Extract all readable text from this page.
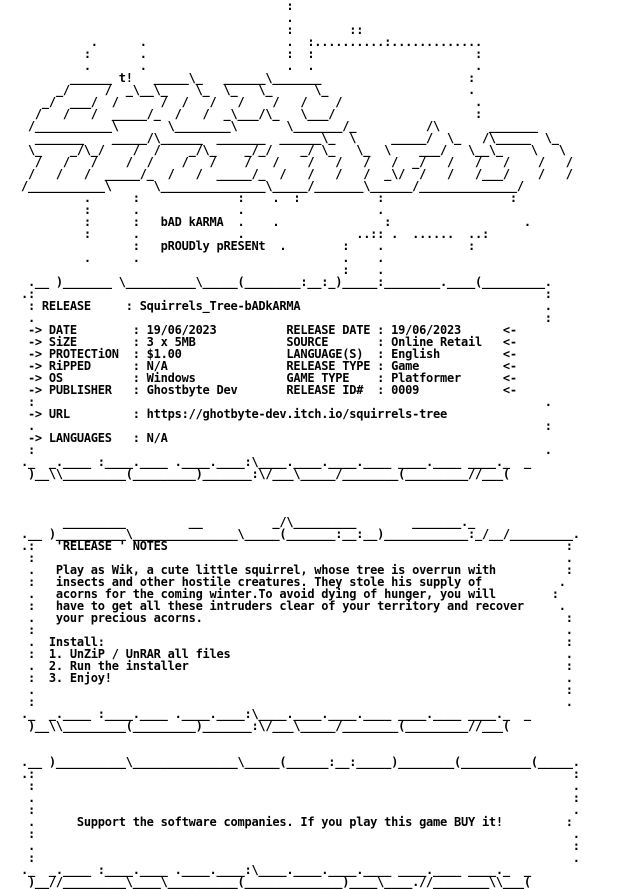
:
.
:        ::
.      .                    .  :..........:.............
:       .                    :  :                       :
.       .                    .  .                       .
______ t!   _____\_   ______\_______                     :
_/     /  _\__\_    \_  \_   \_      \_                    .
_/  ___/  /      /  /   /   /    /   /    /                   .
/   /   /  _____/_  /   /  _\___/\_   \___/                    :
/___________\       \________\       \_______/_          /\       _______
_______    _____/\______  _______  ______\_  \     _____/  \_   /\_____  \_
\_    _/\_/    /  /    _/\_    _/_/    _/ \_   \_  \    ___/   \__\_    \   \
/   /   /    /  /    /   /    /   /    /   /   /   /  _/   /   /   /    /   /
/   /   /  _____/_  /   /  _____/_  /   /   /   /  _\/  /   /   /___/    /   /
/___________\      \_______________\_____/_______\______/______________/
.      :              :    .  :           :                  :
:      .              .                   .
:      :   bAD kARMA  .    .               :                   .
:      .              .                ..:: .  ......  ..:
:   pROUDly pRESENt  .        :    .            :
.      .                             .    .
:    .
.__ )_______ \__________\_____(________:__:_)_____:________.____(_________.
.:                                                                         :
: RELEASE     : Squirrels_Tree-bADkARMA                                   .
.                                                                         :
-> DATE        : 19/06/2023          RELEASE DATE : 19/06/2023      <-
-> SiZE        : 3 x 5MB             SOURCE       : Online Retail   <-
-> PROTECTiON  : $1.00               LANGUAGE(S)  : English         <-
-> RiPPED      : N/A                 RELEASE TYPE : Game            <-
-> OS          : Windows             GAME TYPE    : Platformer      <-
-> PUBLISHER   : Ghostbyte Dev       RELEASE ID#  : 0009            <-
:                                                                         .
-> URL         : https://ghotbyte-dev.itch.io/squirrels-tree
.                                                                         :
-> LANGUAGES   : N/A
:                                                                         .
._  _.____ :____.____ .____.____:\____.____.____.____ ____.____ ____._  _
)__\\_________(_________)_______:\/___\_____/________(_________//___(

_________         __          _/\_________        _______._
.__ )__________\_______________\_____(_______:__:__)____________:_/__/_________.
.:   'RELEASE ' NOTES                                                         :
:                                                                            .
.   Play as Wik, a cute little squirrel, whose tree is overrun with          :
:   insects and other hostile creatures. They stole his supply of           .
.   acorns for the coming winter.To avoid dying of hunger, you will        :
:   have to get all these intruders clear of your territory and recover     .
.   your precious acorns.                                                    :
:                                                                            .
.  Install:                                                                  :
:  1. UnZiP / UnRAR all files                                                .
.  2. Run the installer                                                      :
:  3. Enjoy!                                                                 .
.                                                                            :
:                                                                            .
._  _.____ :____.____ .____.____:\____.____.____.____ ____.____ ____._  _
)__\\_________(_________)_______:\/___\_____/________(_________//___(

.__ )__________\_______________\_____(______:__:_____)________(__________(_____.
.:                                                                             :
:                                                                             .
.                                                                             :
:                                                                             .
.      Support the software companies. If you play this game BUY it!         :
:                                                                             .
.                                                                             :
:                                                                             .
._  _.____ :____.____ .____.____:\____.____.____.____ ____.____ ____._  _
)__//_________\____\__________(______________)____\____.//________\\___(
